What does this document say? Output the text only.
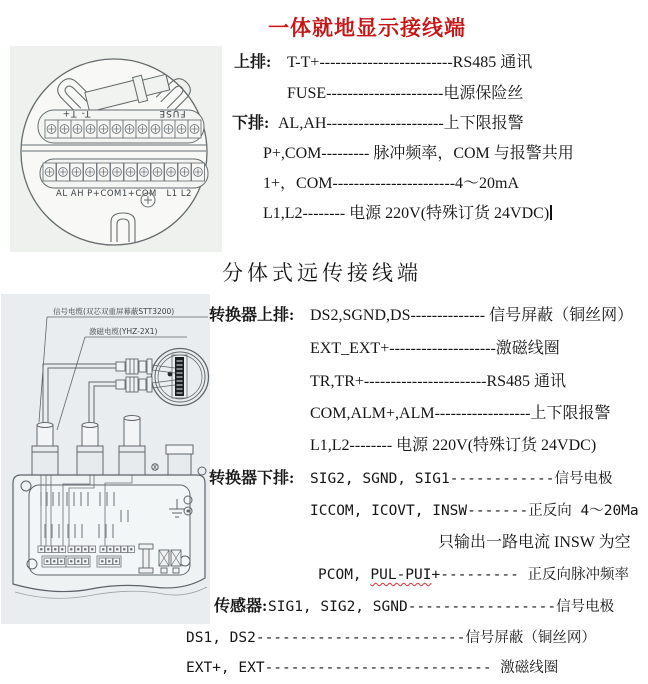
一体就地显示接线端
T- T+	FUSE
AL AH P+COM1+COM   L1 L2
上排: T-T+-------------------------RS485 通讯
FUSE----------------------电源保险丝
下排: AL,AH----------------------上下限报警
P+,COM--------- 脉冲频率，COM 与报警共用
1+，COM-----------------------4～20mA
L1,L2-------- 电源 220V(特殊订货 24VDC)
分体式远传接线端
信号电缆(双芯双重屏幕蔽STT3200)
激磁电缆(YHZ-2X1)
转换器上排: DS2,SGND,DS-------------- 信号屏蔽（铜丝网）
EXT_EXT+--------------------激磁线圈
TR,TR+-----------------------RS485 通讯
COM,ALM+,ALM------------------上下限报警
L1,L2-------- 电源 220V(特殊订货 24VDC)
转换器下排: SIG2, SGND, SIG1------------信号电极
ICCOM, ICOVT, INSW-------正反向 4～20Ma
只输出一路电流 INSW 为空
PCOM, PUL-PUI+--------- 正反向脉冲频率
传感器:SIG1, SIG2, SGND-----------------信号电极
DS1, DS2------------------------信号屏蔽（铜丝网）
EXT+, EXT-------------------------- 激磁线圈
